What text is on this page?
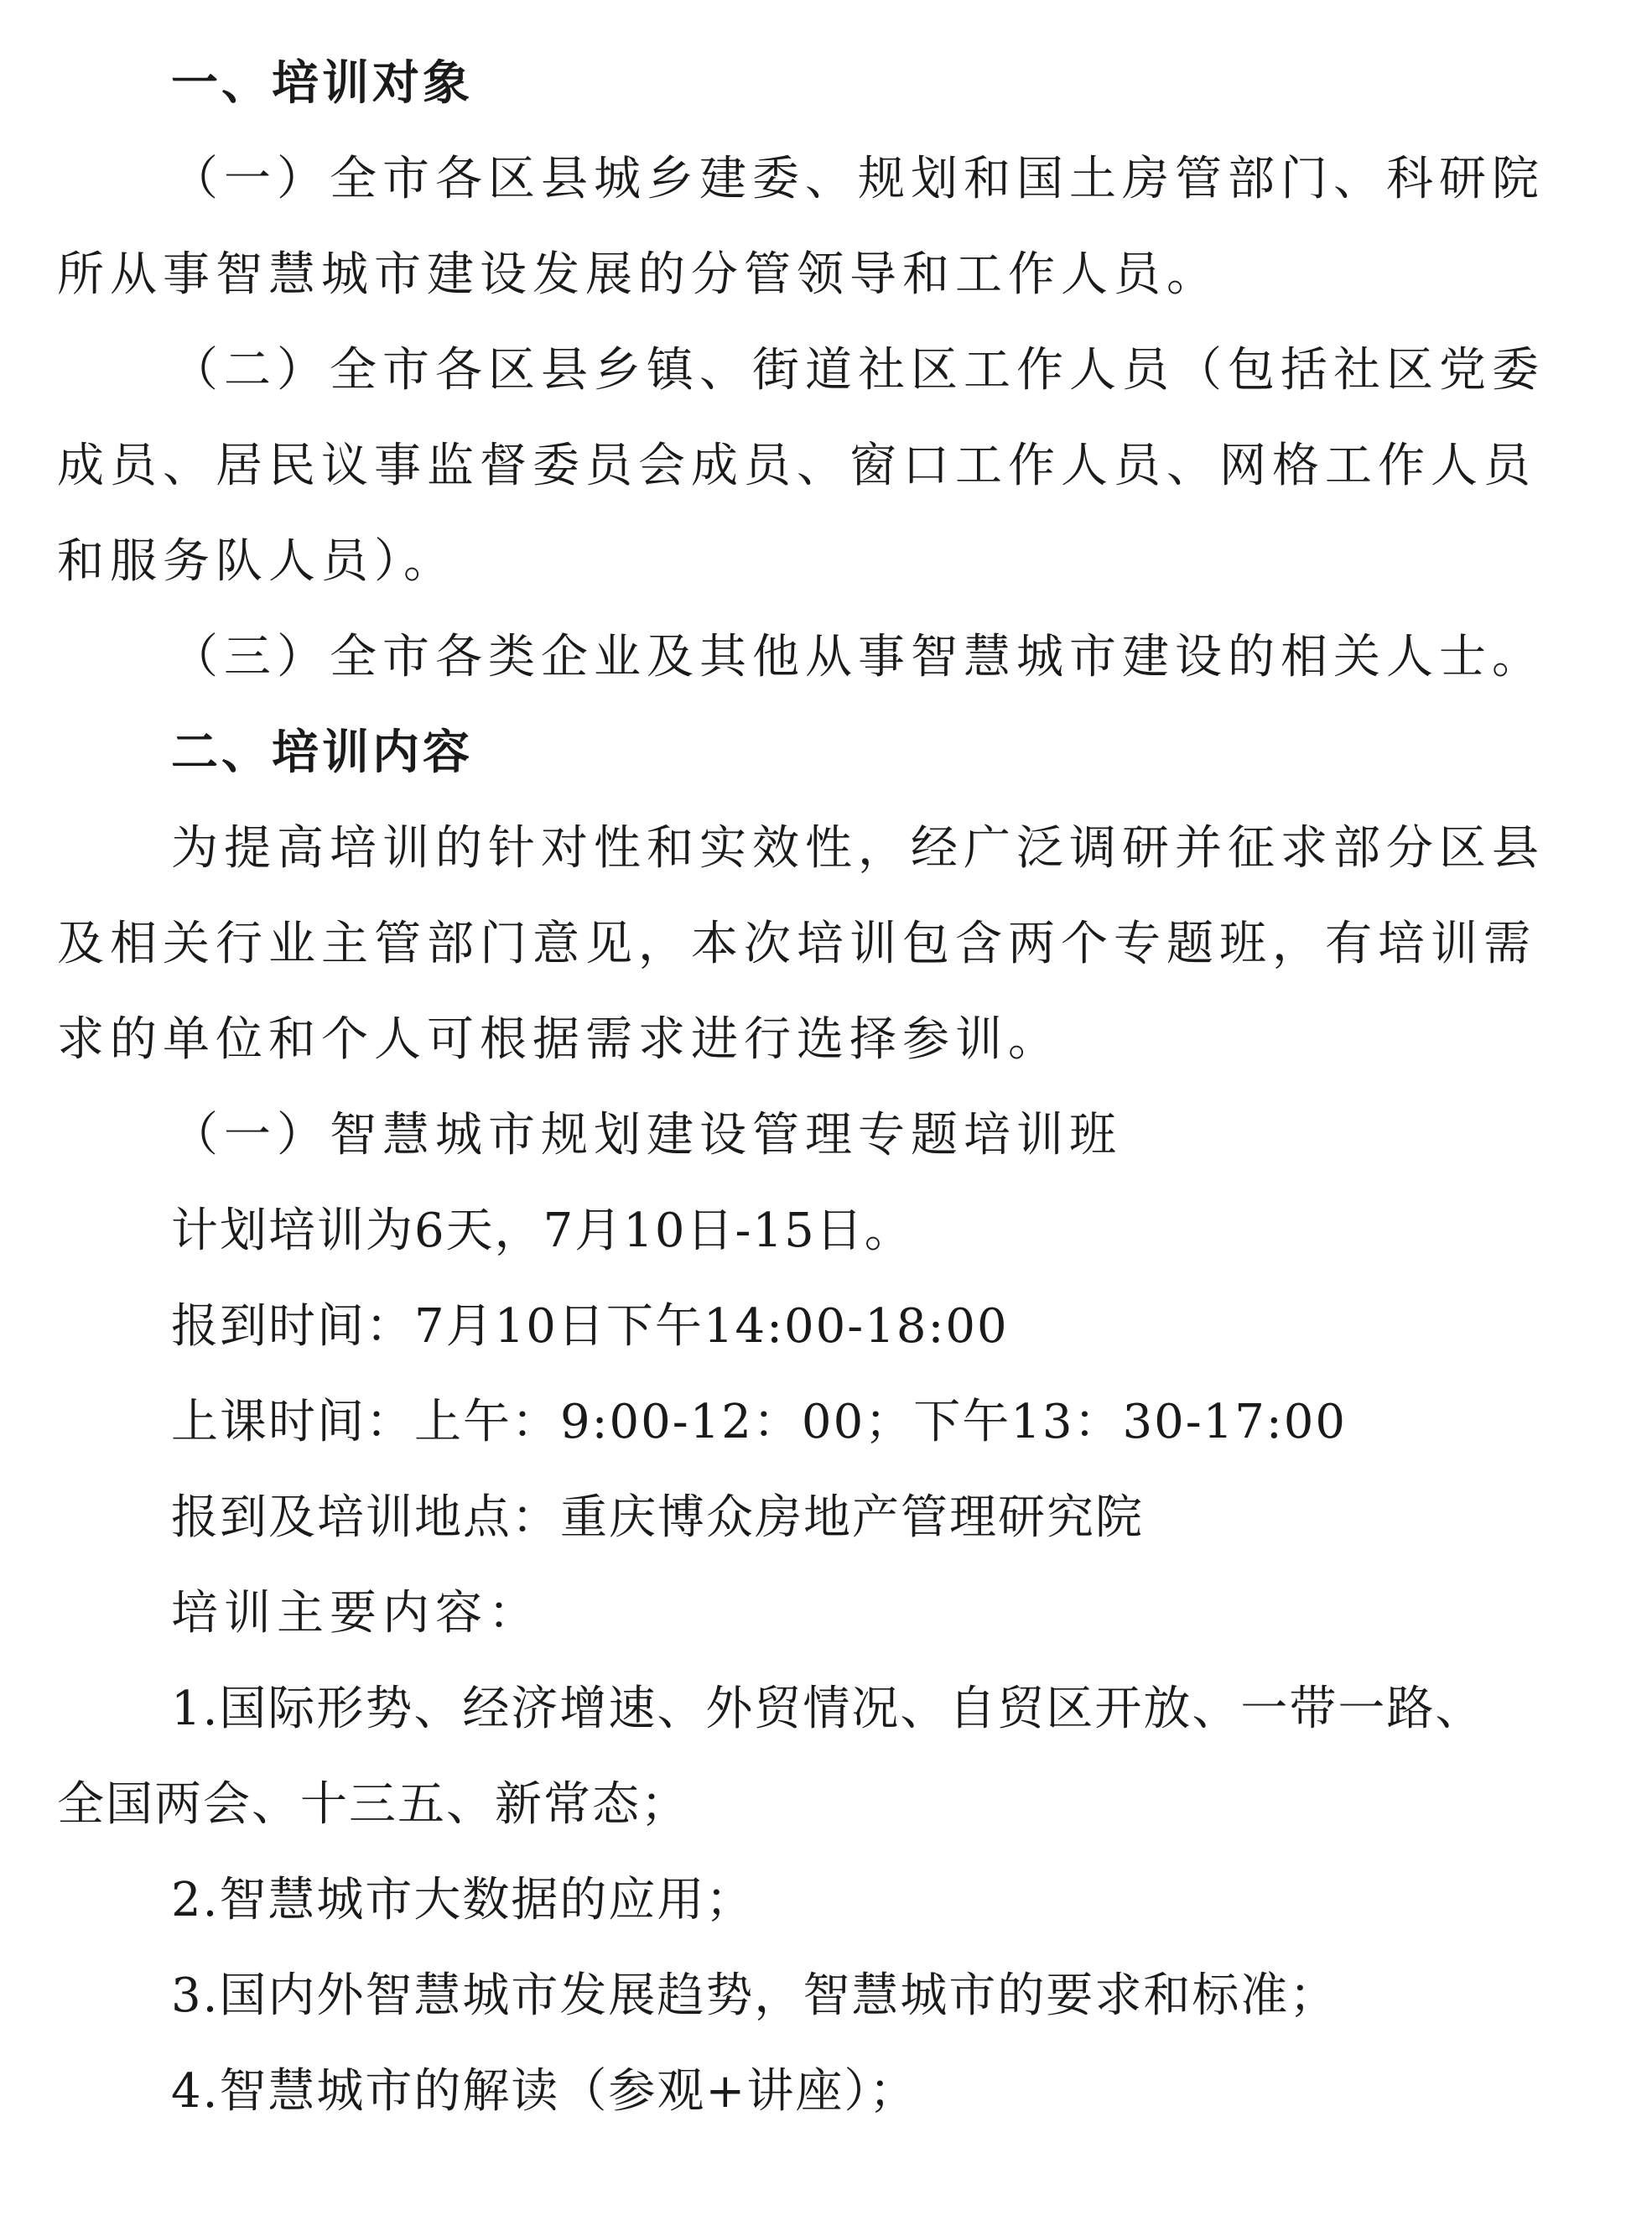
一、培训对象
（一）全市各区县城乡建委、规划和国土房管部门、科研院
所从事智慧城市建设发展的分管领导和工作人员。
（二）全市各区县乡镇、街道社区工作人员（包括社区党委
成员、居民议事监督委员会成员、窗口工作人员、网格工作人员
和服务队人员）。
（三）全市各类企业及其他从事智慧城市建设的相关人士。
二、培训内容
为提高培训的针对性和实效性，经广泛调研并征求部分区县
及相关行业主管部门意见，本次培训包含两个专题班，有培训需
求的单位和个人可根据需求进行选择参训。
（一）智慧城市规划建设管理专题培训班
计划培训为6天，7月10日-15日。
报到时间：7月10日下午14:00-18:00
上课时间：上午：9:00-12：00；下午13：30-17:00
报到及培训地点：重庆博众房地产管理研究院
培训主要内容：
1.国际形势、经济增速、外贸情况、自贸区开放、一带一路、
全国两会、十三五、新常态；
2.智慧城市大数据的应用；
3.国内外智慧城市发展趋势，智慧城市的要求和标准；
4.智慧城市的解读（参观+讲座）；
